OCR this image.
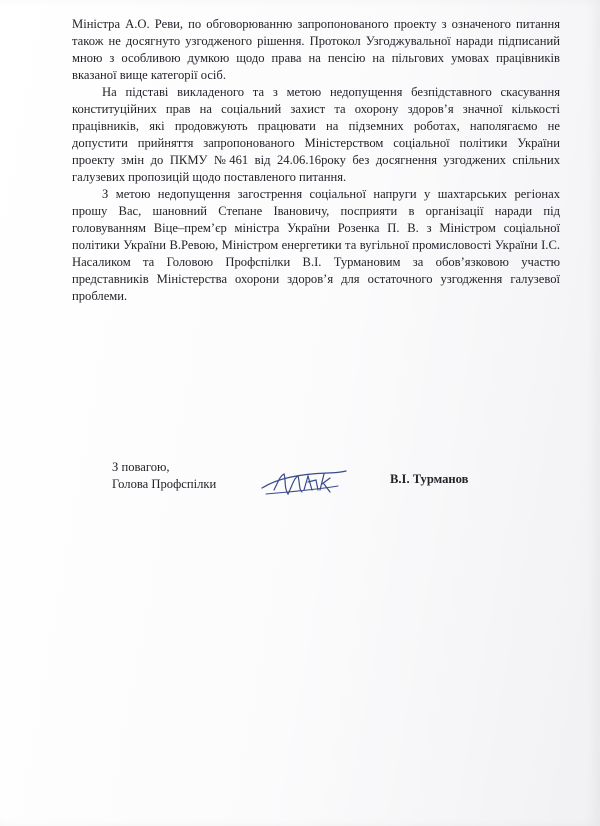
Міністра А.О. Реви, по обговорюванню запропонованого проекту з означеного питання також не досягнуто узгодженого рішення. Протокол Узгоджувальної наради підписаний мною з особливою думкою щодо права на пенсію на пільгових умовах працівників вказаної вище категорії осіб.

На підставі викладеного та з метою недопущення безпідставного скасування конституційних прав на соціальний захист та охорону здоров’я значної кількості працівників, які продовжують працювати на підземних роботах, наполягаємо не допустити прийняття запропонованого Міністерством соціальної політики України проекту змін до ПКМУ №461 від 24.06.16року без досягнення узгоджених спільних галузевих пропозицій щодо поставленого питання.

З метою недопущення загострення соціальної напруги у шахтарських регіонах прошу Вас, шановний Степане Івановичу, посприяти в організації наради під головуванням Віце–прем’єр міністра України Розенка П. В. з Міністром соціальної політики України В.Ревою, Міністром енергетики та вугільної промисловості України І.С. Насаликом та Головою Профспілки В.І. Турмановим за обов’язковою участю представників Міністерства охорони здоров’я для остаточного узгодження галузевої проблеми.

З повагою,
Голова Профспілки	В.І. Турманов
